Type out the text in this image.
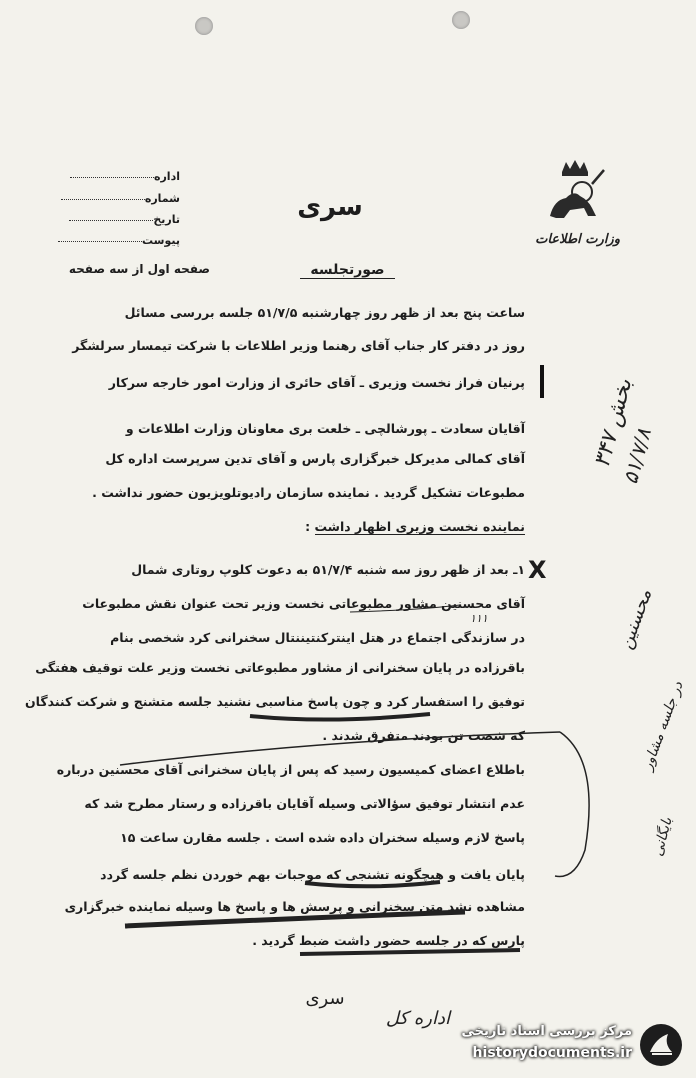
اداره
شماره
تاریخ
پیوست
سری
وزارت اطلاعات
صفحه اول از سه صفحه	صورتجلسه
ساعت پنج بعد از ظهر روز چهارشنبه ۵۱/۷/۵ جلسه بررسی مسائل
روز در دفتر کار جناب آقای رهنما وزیر اطلاعات با شرکت تیمسار سرلشگر
پرنیان فراز نخست وزیری ـ آقای حائری از وزارت امور خارجه سرکار
آقایان سعادت ـ پورشالچی ـ خلعت بری معاونان وزارت اطلاعات و
آقای کمالی مدیرکل خبرگزاری پارس و آقای تدین سرپرست اداره کل
مطبوعات تشکیل گردید . نماینده سازمان رادیوتلویزیون حضور نداشت .
نماینده نخست وزیری اظهار داشت :
۱ـ بعد از ظهر روز سه شنبه ۵۱/۷/۴ به دعوت کلوپ روتاری شمال
آقای محسنین مشاور مطبوعاتی نخست وزیر تحت عنوان نقش مطبوعات
در سازندگی اجتماع در هتل اینترکنتیننتال سخنرانی کرد شخصی بنام
باقرزاده در پایان سخنرانی از مشاور مطبوعاتی نخست وزیر علت توقیف هفتگی
توفیق را استفسار کرد و چون پاسخ مناسبی نشنید جلسه متشنج و شرکت کنندگان
که شصت تن بودند متفرق شدند .
باطلاع اعضای کمیسیون رسید که پس از پایان سخنرانی آقای محسنین درباره
عدم انتشار توفیق سؤالاتی وسیله آقایان باقرزاده و رستار مطرح شد که
پاسخ لازم وسیله سخنران داده شده است . جلسه مقارن ساعت ۱۵
پایان یافت و هیچگونه تشنجی که موجبات بهم خوردن نظم جلسه گردد
مشاهده نشد متن سخنرانی و پرسش ها و پاسخ ها وسیله نماینده خبرگزاری
پارس که در جلسه حضور داشت ضبط گردید .
X
۱۱۱
بخش ۳۴۷
۵۱/۷/۸
محسنین
در جلسه مشاور
بایگانی
سری
اداره کل
مرکز بررسی اسناد تاریخی
historydocuments.ir
